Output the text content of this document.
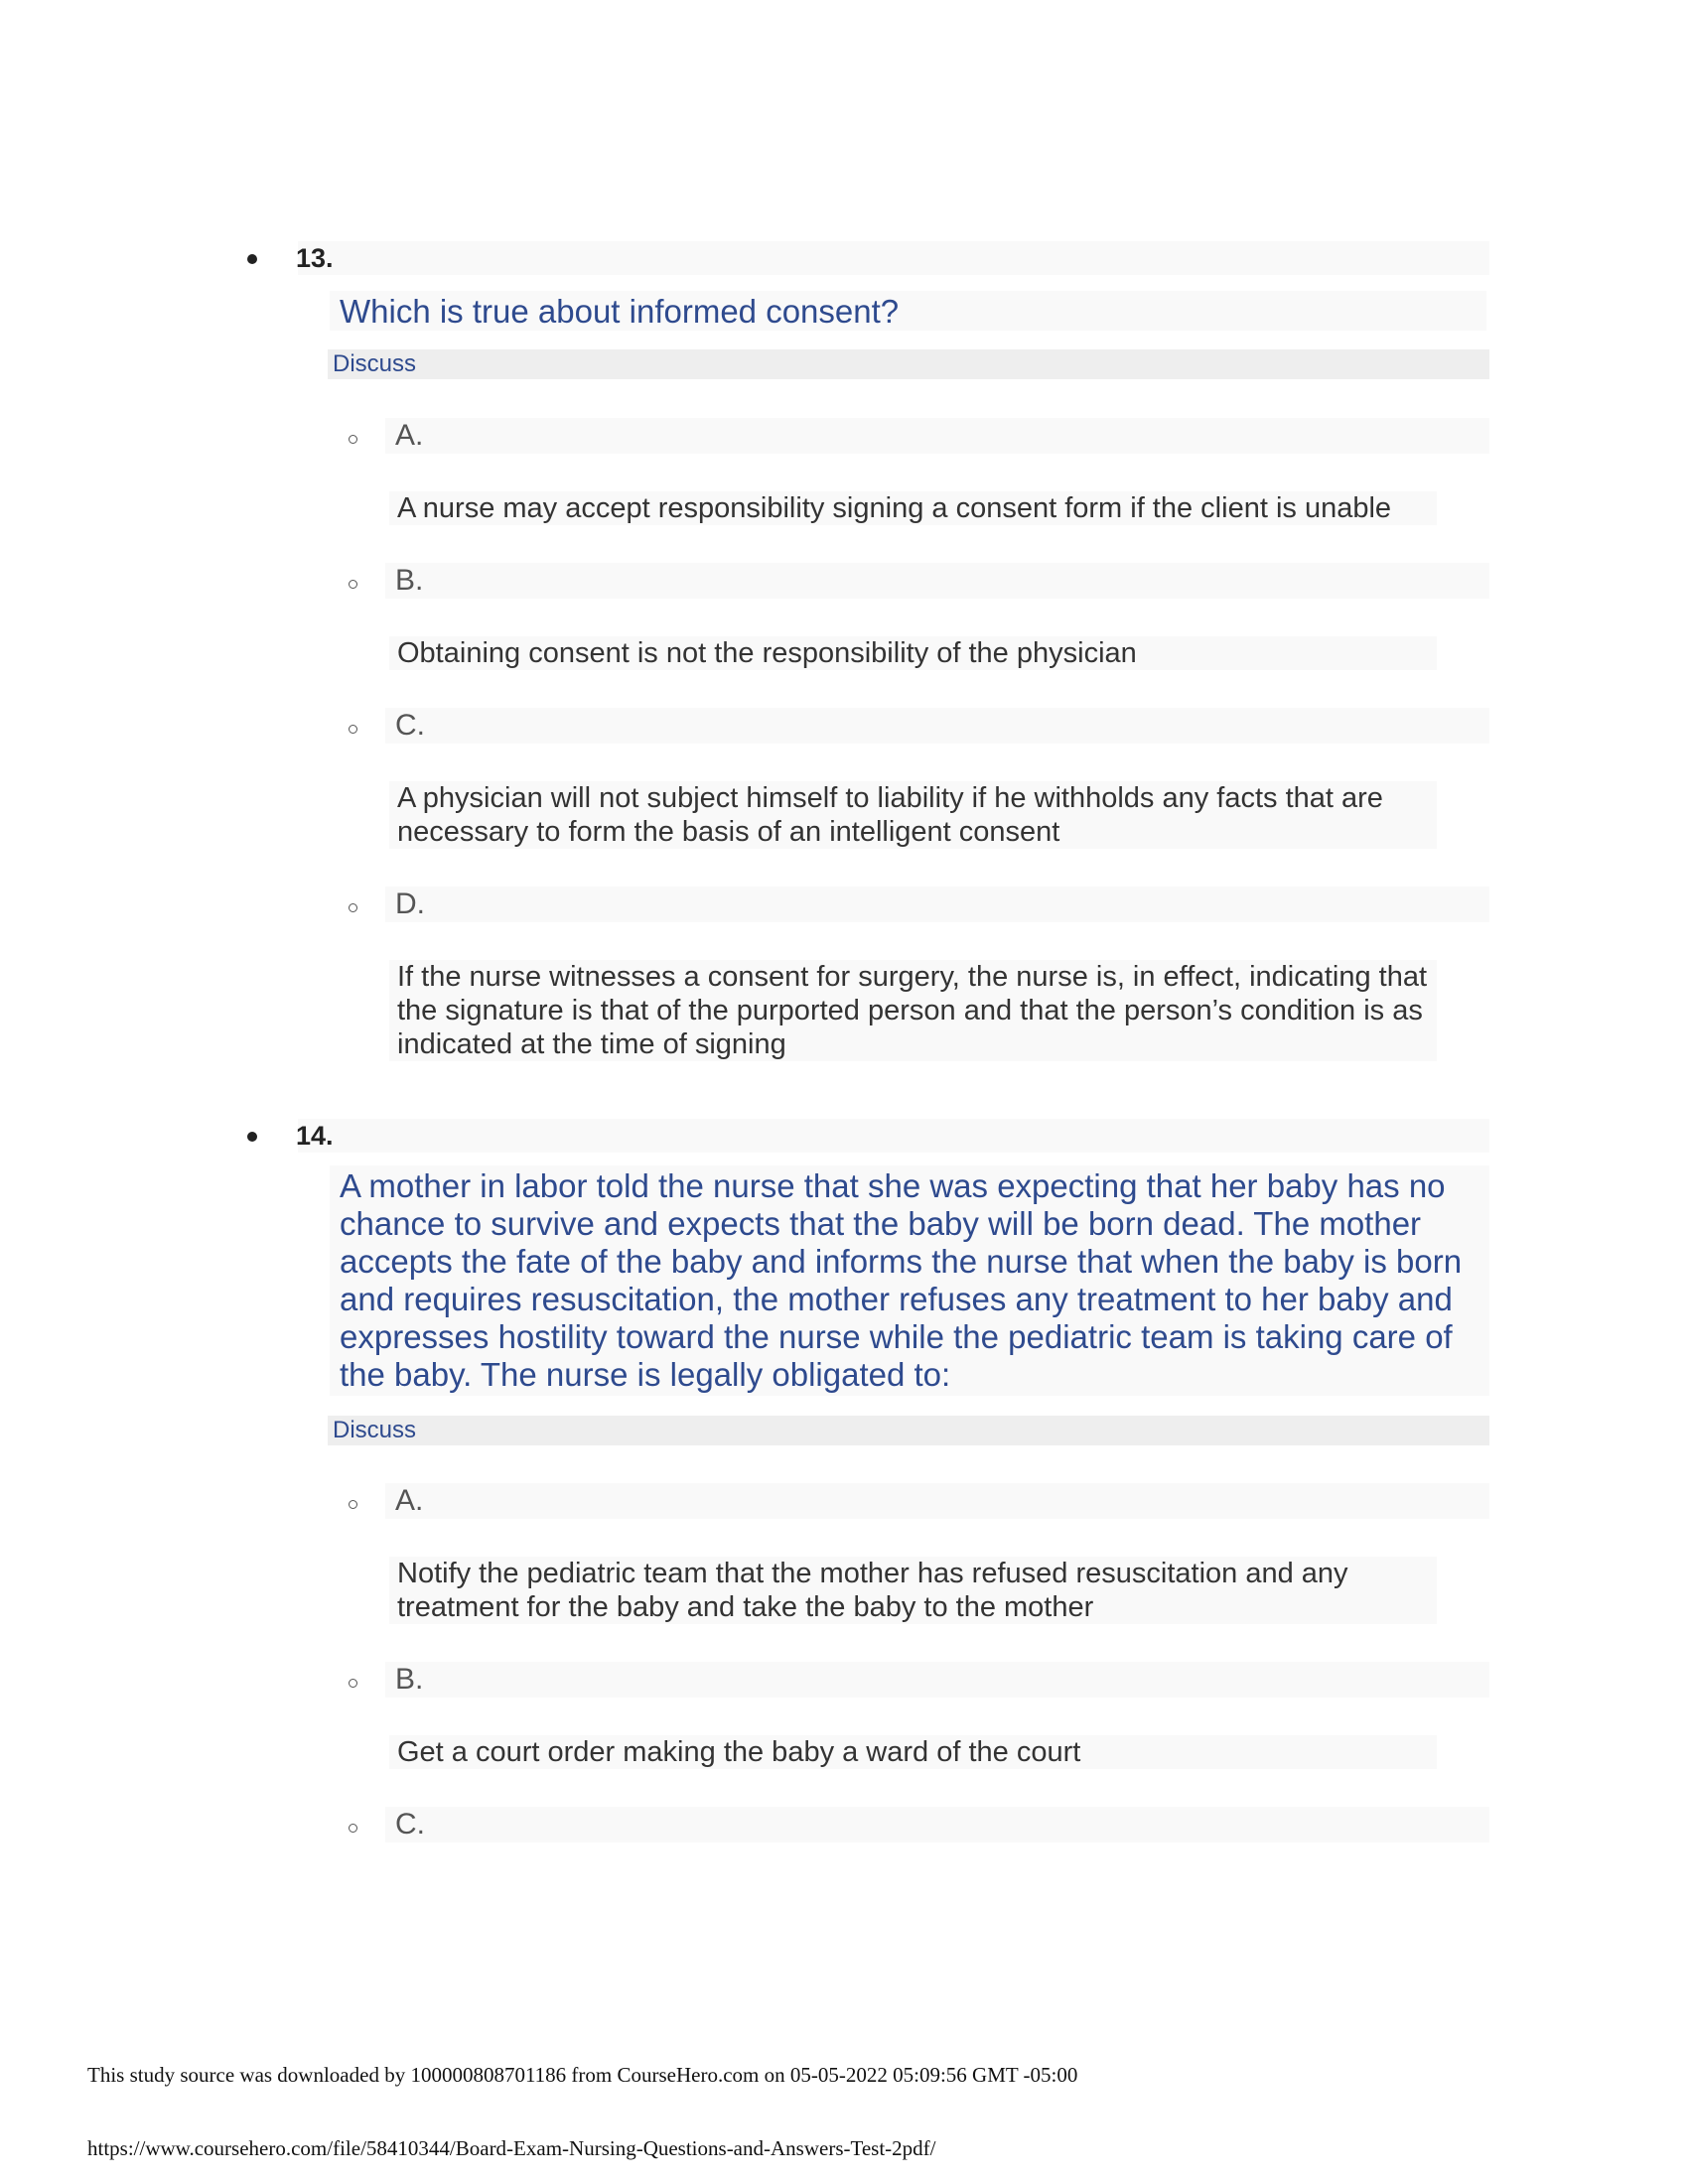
13.
Which is true about informed consent?
Discuss
A.
A nurse may accept responsibility signing a consent form if the client is unable
B.
Obtaining consent is not the responsibility of the physician
C.
A physician will not subject himself to liability if he withholds any facts that are necessary to form the basis of an intelligent consent
D.
If the nurse witnesses a consent for surgery, the nurse is, in effect, indicating that the signature is that of the purported person and that the person’s condition is as indicated at the time of signing
14.
A mother in labor told the nurse that she was expecting that her baby has no chance to survive and expects that the baby will be born dead. The mother accepts the fate of the baby and informs the nurse that when the baby is born and requires resuscitation, the mother refuses any treatment to her baby and expresses hostility toward the nurse while the pediatric team is taking care of the baby. The nurse is legally obligated to:
Discuss
A.
Notify the pediatric team that the mother has refused resuscitation and any treatment for the baby and take the baby to the mother
B.
Get a court order making the baby a ward of the court
C.
This study source was downloaded by 100000808701186 from CourseHero.com on 05-05-2022 05:09:56 GMT -05:00
https://www.coursehero.com/file/58410344/Board-Exam-Nursing-Questions-and-Answers-Test-2pdf/
